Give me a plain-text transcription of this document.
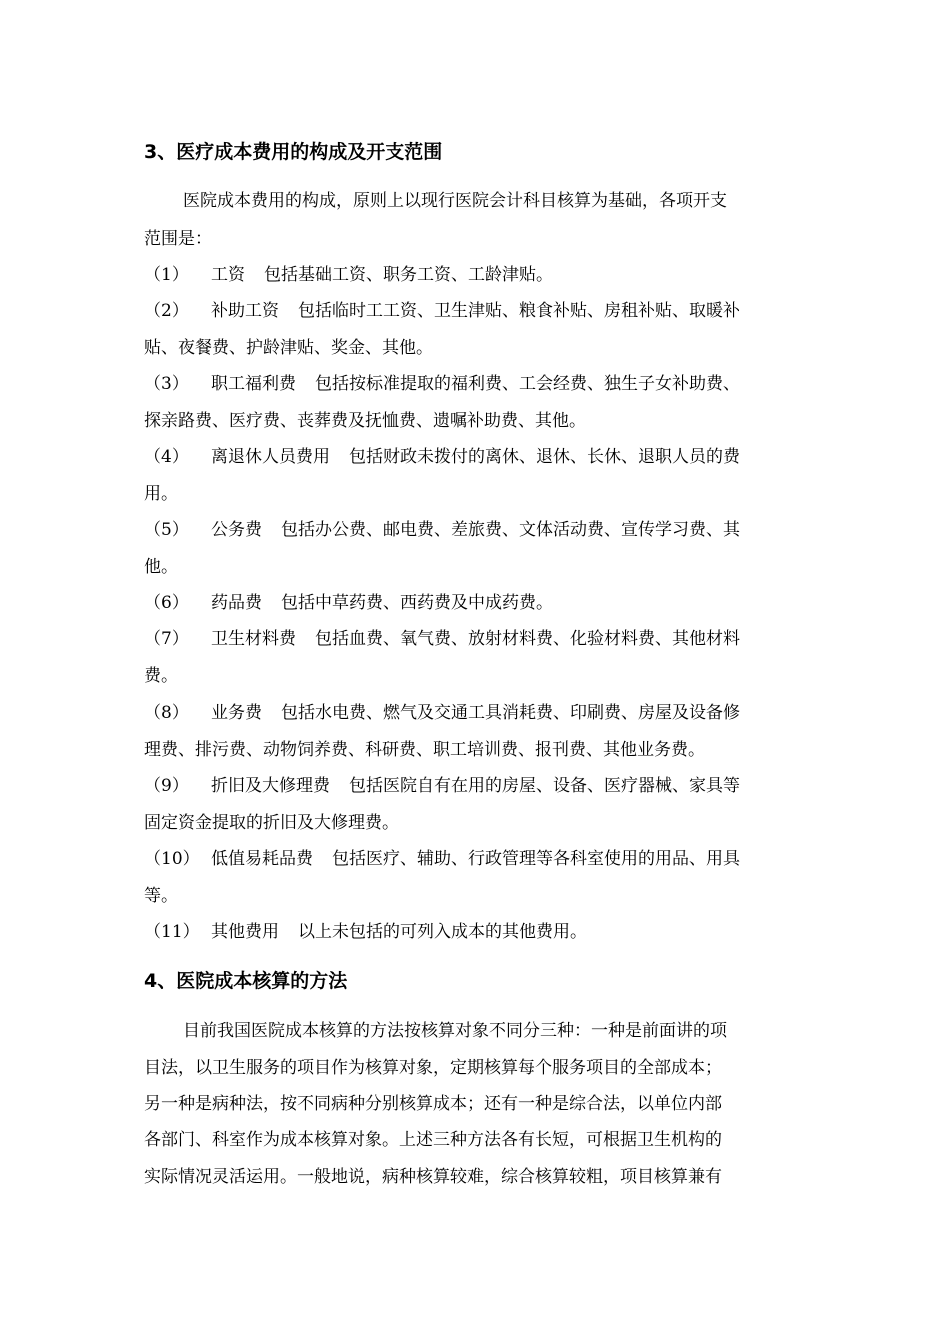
3、医疗成本费用的构成及开支范围
医院成本费用的构成，原则上以现行医院会计科目核算为基础，各项开支
范围是：
（1） 工资 包括基础工资、职务工资、工龄津贴。
（2） 补助工资 包括临时工工资、卫生津贴、粮食补贴、房租补贴、取暖补
贴、夜餐费、护龄津贴、奖金、其他。
（3） 职工福利费 包括按标准提取的福利费、工会经费、独生子女补助费、
探亲路费、医疗费、丧葬费及抚恤费、遗嘱补助费、其他。
（4） 离退休人员费用 包括财政未拨付的离休、退休、长休、退职人员的费
用。
（5） 公务费 包括办公费、邮电费、差旅费、文体活动费、宣传学习费、其
他。
（6） 药品费 包括中草药费、西药费及中成药费。
（7） 卫生材料费 包括血费、氧气费、放射材料费、化验材料费、其他材料
费。
（8） 业务费 包括水电费、燃气及交通工具消耗费、印刷费、房屋及设备修
理费、排污费、动物饲养费、科研费、职工培训费、报刊费、其他业务费。
（9） 折旧及大修理费 包括医院自有在用的房屋、设备、医疗器械、家具等
固定资金提取的折旧及大修理费。
（10） 低值易耗品费 包括医疗、辅助、行政管理等各科室使用的用品、用具
等。
（11） 其他费用 以上未包括的可列入成本的其他费用。
4、医院成本核算的方法
目前我国医院成本核算的方法按核算对象不同分三种：一种是前面讲的项
目法，以卫生服务的项目作为核算对象，定期核算每个服务项目的全部成本；
另一种是病种法，按不同病种分别核算成本；还有一种是综合法，以单位内部
各部门、科室作为成本核算对象。上述三种方法各有长短，可根据卫生机构的
实际情况灵活运用。一般地说，病种核算较难，综合核算较粗，项目核算兼有
